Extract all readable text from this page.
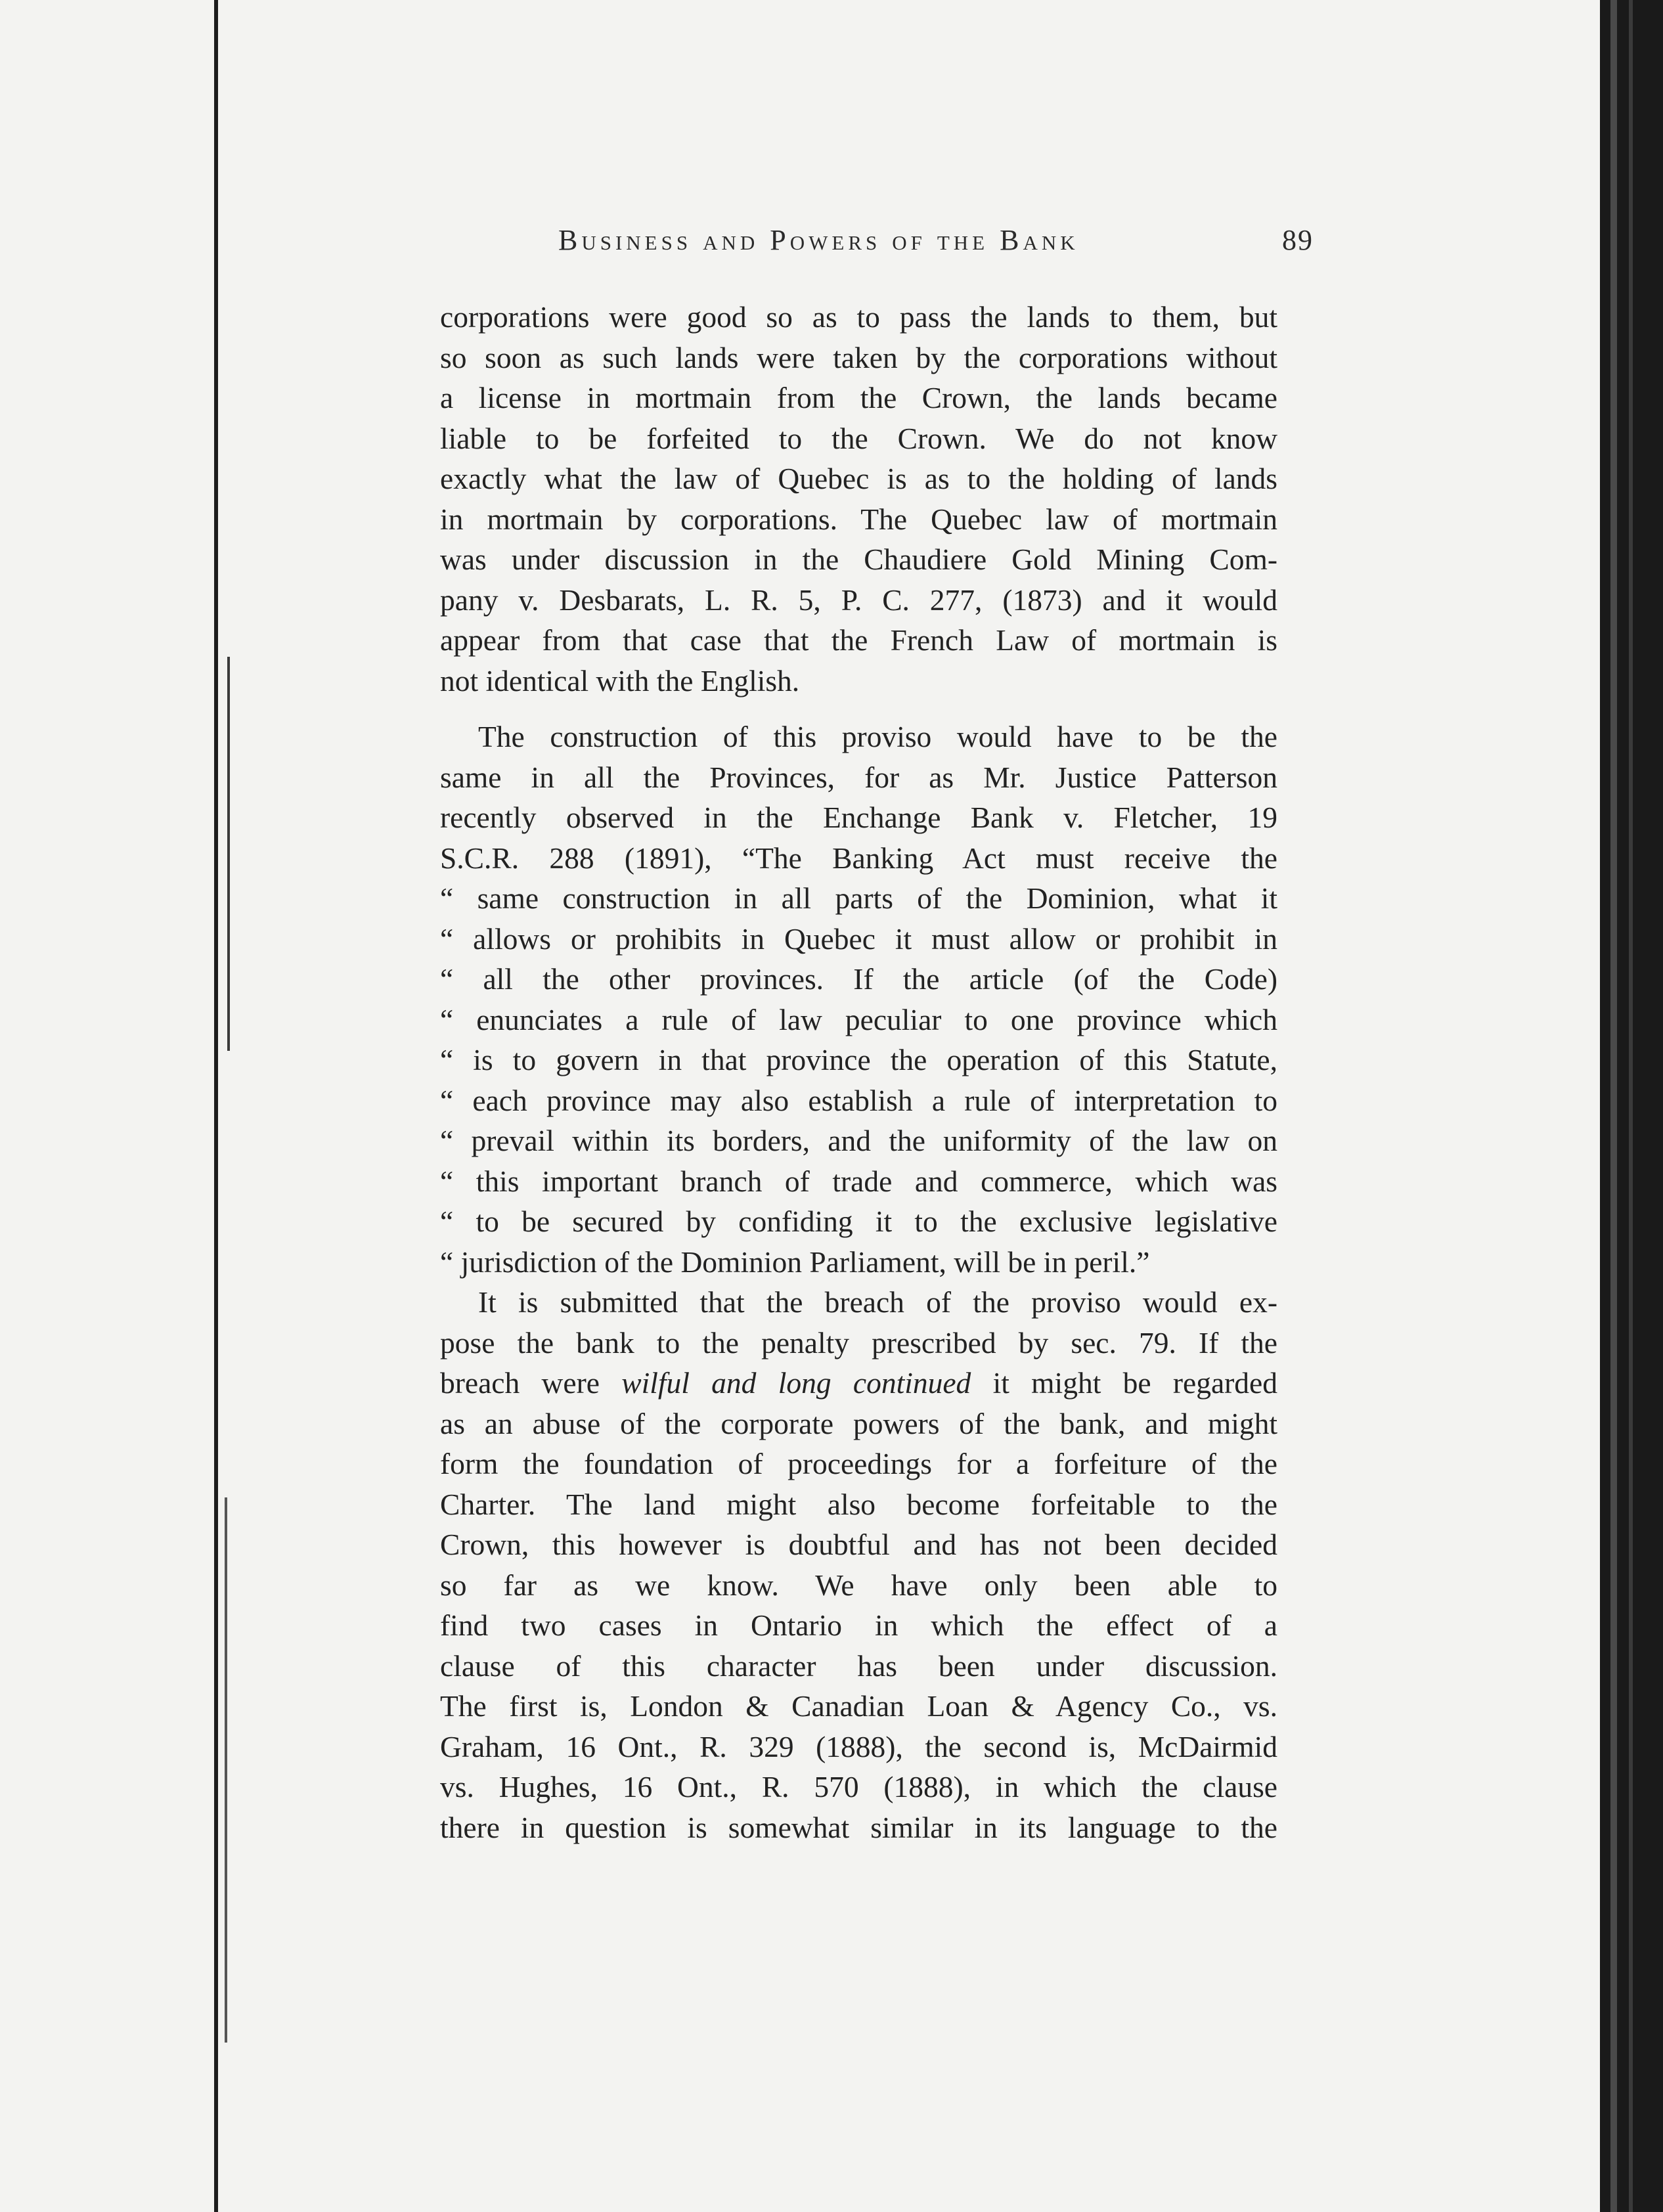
Business and Powers of the Bank	89
corporations were good so as to pass the lands to them, but
so soon as such lands were taken by the corporations without
a license in mortmain from the Crown, the lands became
liable to be forfeited to the Crown. We do not know
exactly what the law of Quebec is as to the holding of lands
in mortmain by corporations. The Quebec law of mortmain
was under discussion in the Chaudiere Gold Mining Com-
pany v. Desbarats, L. R. 5, P. C. 277, (1873) and it would
appear from that case that the French Law of mortmain is
not identical with the English.
The construction of this proviso would have to be the
same in all the Provinces, for as Mr. Justice Patterson
recently observed in the Enchange Bank v. Fletcher, 19
S.C.R. 288 (1891), “The Banking Act must receive the
“ same construction in all parts of the Dominion, what it
“ allows or prohibits in Quebec it must allow or prohibit in
“ all the other provinces. If the article (of the Code)
“ enunciates a rule of law peculiar to one province which
“ is to govern in that province the operation of this Statute,
“ each province may also establish a rule of interpretation to
“ prevail within its borders, and the uniformity of the law on
“ this important branch of trade and commerce, which was
“ to be secured by confiding it to the exclusive legislative
“ jurisdiction of the Dominion Parliament, will be in peril.”
It is submitted that the breach of the proviso would ex-
pose the bank to the penalty prescribed by sec. 79. If the
breach were wilful and long continued it might be regarded
as an abuse of the corporate powers of the bank, and might
form the foundation of proceedings for a forfeiture of the
Charter. The land might also become forfeitable to the
Crown, this however is doubtful and has not been decided
so far as we know. We have only been able to
find two cases in Ontario in which the effect of a
clause of this character has been under discussion.
The first is, London & Canadian Loan & Agency Co., vs.
Graham, 16 Ont., R. 329 (1888), the second is, McDairmid
vs. Hughes, 16 Ont., R. 570 (1888), in which the clause
there in question is somewhat similar in its language to the
